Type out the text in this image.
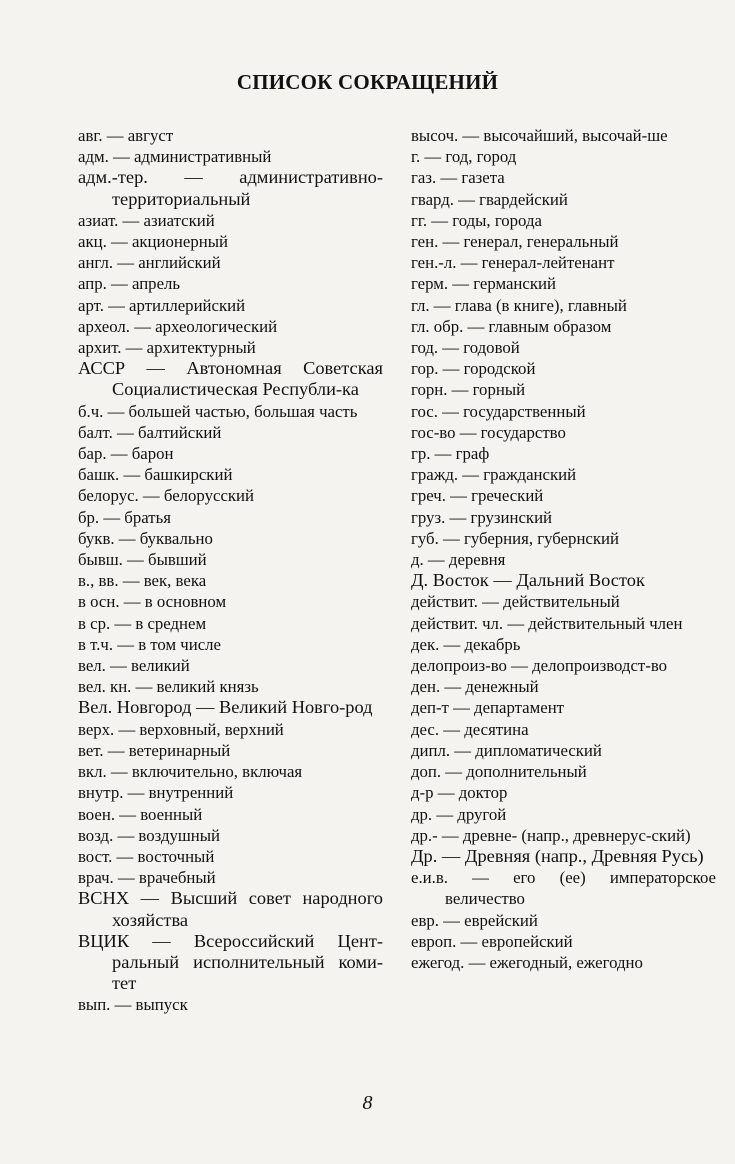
СПИСОК СОКРАЩЕНИЙ
авг. — август
адм. — административный
адм.-тер. — административно-территориальный
азиат. — азиатский
акц. — акционерный
англ. — английский
апр. — апрель
арт. — артиллерийский
археол. — археологический
архит. — архитектурный
АССР — Автономная Советская Социалистическая Республи-ка
б.ч. — большей частью, большая часть
балт. — балтийский
бар. — барон
башк. — башкирский
белорус. — белорусский
бр. — братья
букв. — буквально
бывш. — бывший
в., вв. — век, века
в осн. — в основном
в ср. — в среднем
в т.ч. — в том числе
вел. — великий
вел. кн. — великий князь
Вел. Новгород — Великий Новго-род
верх. — верховный, верхний
вет. — ветеринарный
вкл. — включительно, включая
внутр. — внутренний
воен. — военный
возд. — воздушный
вост. — восточный
врач. — врачебный
ВСНХ — Высший совет народного хозяйства
ВЦИК — Всероссийский Цент-ральный исполнительный коми-тет
вып. — выпуск
высоч. — высочайший, высочай-ше
г. — год, город
газ. — газета
гвард. — гвардейский
гг. — годы, города
ген. — генерал, генеральный
ген.-л. — генерал-лейтенант
герм. — германский
гл. — глава (в книге), главный
гл. обр. — главным образом
год. — годовой
гор. — городской
горн. — горный
гос. — государственный
гос-во — государство
гр. — граф
гражд. — гражданский
греч. — греческий
груз. — грузинский
губ. — губерния, губернский
д. — деревня
Д. Восток — Дальний Восток
действит. — действительный
действит. чл. — действительный член
дек. — декабрь
делопроиз-во — делопроизводст-во
ден. — денежный
деп-т — департамент
дес. — десятина
дипл. — дипломатический
доп. — дополнительный
д-р — доктор
др. — другой
др.- — древне- (напр., древнерус-ский)
Др. — Древняя (напр., Древняя Русь)
е.и.в. — его (ее) императорское величество
евр. — еврейский
европ. — европейский
ежегод. — ежегодный, ежегодно
8
